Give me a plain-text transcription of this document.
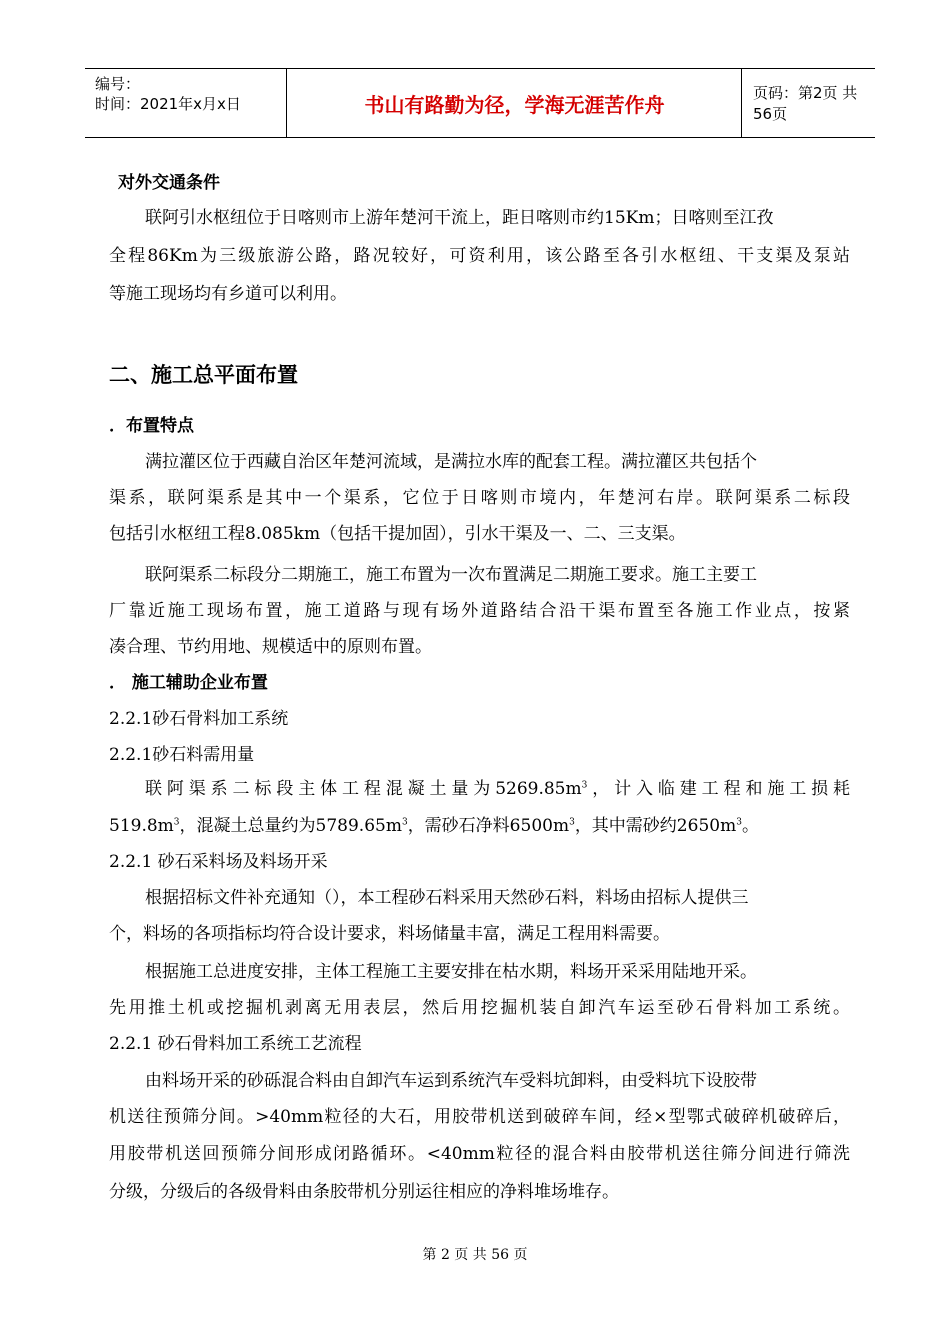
编号：
时间：2021年x月x日	书山有路勤为径，学海无涯苦作舟	页码：第2页 共56页
对外交通条件
联阿引水枢纽位于日喀则市上游年楚河干流上，距日喀则市约15Km；日喀则至江孜
全程86Km为三级旅游公路，路况较好，可资利用，该公路至各引水枢纽、干支渠及泵站
等施工现场均有乡道可以利用。
二、施工总平面布置
．布置特点
满拉灌区位于西藏自治区年楚河流域，是满拉水库的配套工程。满拉灌区共包括个
渠系，联阿渠系是其中一个渠系，它位于日喀则市境内，年楚河右岸。联阿渠系二标段
包括引水枢纽工程8.085km（包括干提加固），引水干渠及一、二、三支渠。
联阿渠系二标段分二期施工，施工布置为一次布置满足二期施工要求。施工主要工
厂靠近施工现场布置，施工道路与现有场外道路结合沿干渠布置至各施工作业点，按紧
凑合理、节约用地、规模适中的原则布置。
． 施工辅助企业布置
2.2.1砂石骨料加工系统
2.2.1砂石料需用量
联阿渠系二标段主体工程混凝土量为$5269.85m^3$，计入临建工程和施工损耗
$519.8m^3$，混凝土总量约为$5789.65m^3$，需砂石净料$6500m^3$，其中需砂约$2650m^3$。
2.2.1 砂石采料场及料场开采
根据招标文件补充通知（），本工程砂石料采用天然砂石料，料场由招标人提供三
个，料场的各项指标均符合设计要求，料场储量丰富，满足工程用料需要。
根据施工总进度安排，主体工程施工主要安排在枯水期，料场开采采用陆地开采。
先用推土机或挖掘机剥离无用表层，然后用挖掘机装自卸汽车运至砂石骨料加工系统。
2.2.1 砂石骨料加工系统工艺流程
由料场开采的砂砾混合料由自卸汽车运到系统汽车受料坑卸料，由受料坑下设胶带
机送往预筛分间。>40mm粒径的大石，用胶带机送到破碎车间，经×型鄂式破碎机破碎后，
用胶带机送回预筛分间形成闭路循环。<40mm粒径的混合料由胶带机送往筛分间进行筛洗
分级，分级后的各级骨料由条胶带机分别运往相应的净料堆场堆存。
第 2 页 共 56 页
